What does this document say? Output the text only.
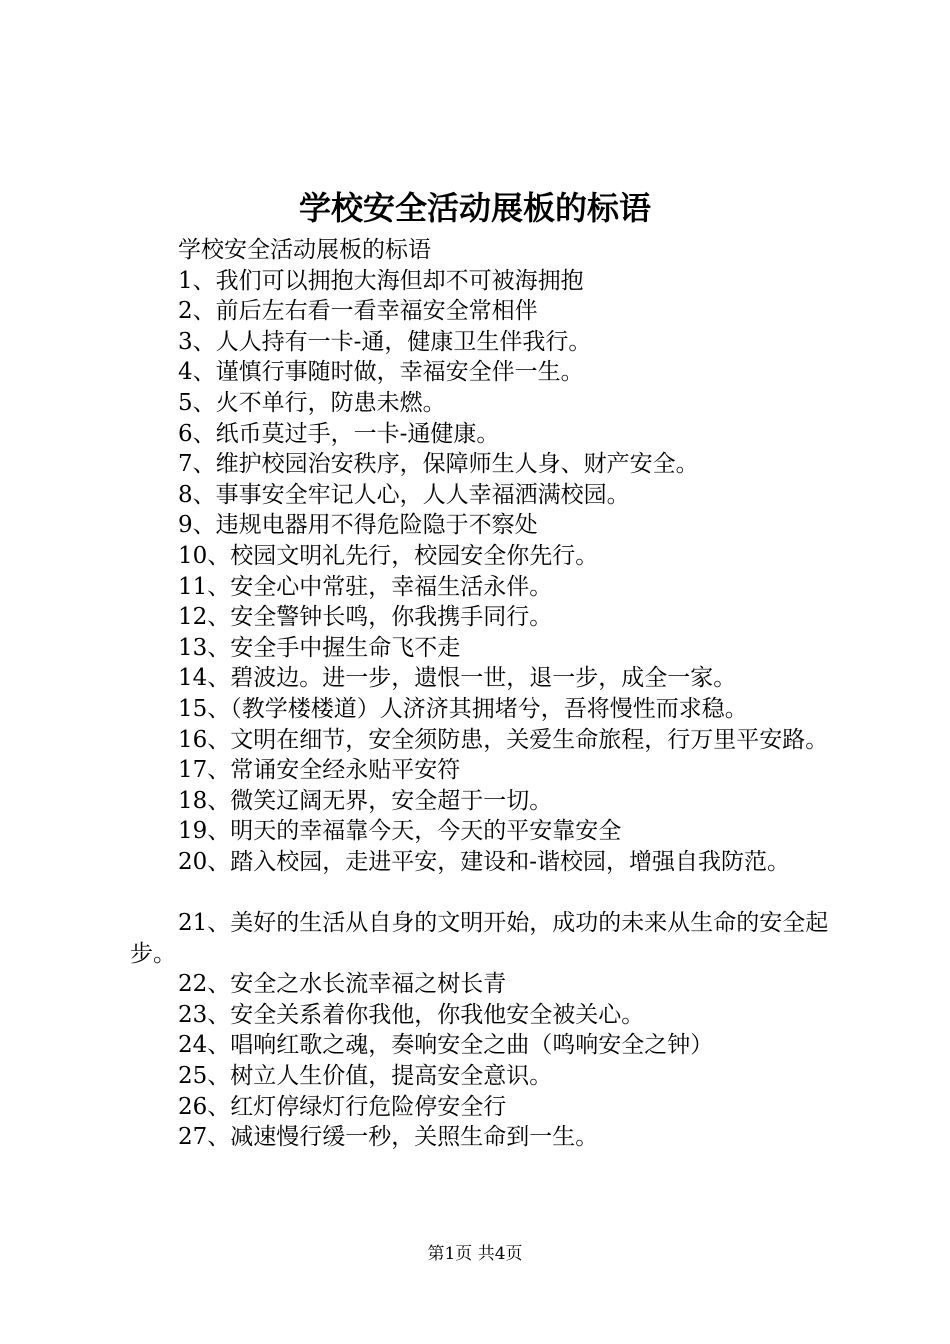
学校安全活动展板的标语

学校安全活动展板的标语

1、我们可以拥抱大海但却不可被海拥抱

2、前后左右看一看幸福安全常相伴

3、人人持有一卡-通，健康卫生伴我行。

4、谨慎行事随时做，幸福安全伴一生。

5、火不单行，防患未燃。

6、纸币莫过手，一卡-通健康。

7、维护校园治安秩序，保障师生人身、财产安全。

8、事事安全牢记人心，人人幸福洒满校园。

9、违规电器用不得危险隐于不察处

10、校园文明礼先行，校园安全你先行。

11、安全心中常驻，幸福生活永伴。

12、安全警钟长鸣，你我携手同行。

13、安全手中握生命飞不走

14、碧波边。进一步，遗恨一世，退一步，成全一家。

15、（教学楼楼道）人济济其拥堵兮，吾将慢性而求稳。

16、文明在细节，安全须防患，关爱生命旅程，行万里平安路。

17、常诵安全经永贴平安符

18、微笑辽阔无界，安全超于一切。

19、明天的幸福靠今天，今天的平安靠安全

20、踏入校园，走进平安，建设和-谐校园，增强自我防范。

21、美好的生活从自身的文明开始，成功的未来从生命的安全起步。

22、安全之水长流幸福之树长青

23、安全关系着你我他，你我他安全被关心。

24、唱响红歌之魂，奏响安全之曲（鸣响安全之钟）

25、树立人生价值，提高安全意识。

26、红灯停绿灯行危险停安全行

27、减速慢行缓一秒，关照生命到一生。

第1页 共4页
